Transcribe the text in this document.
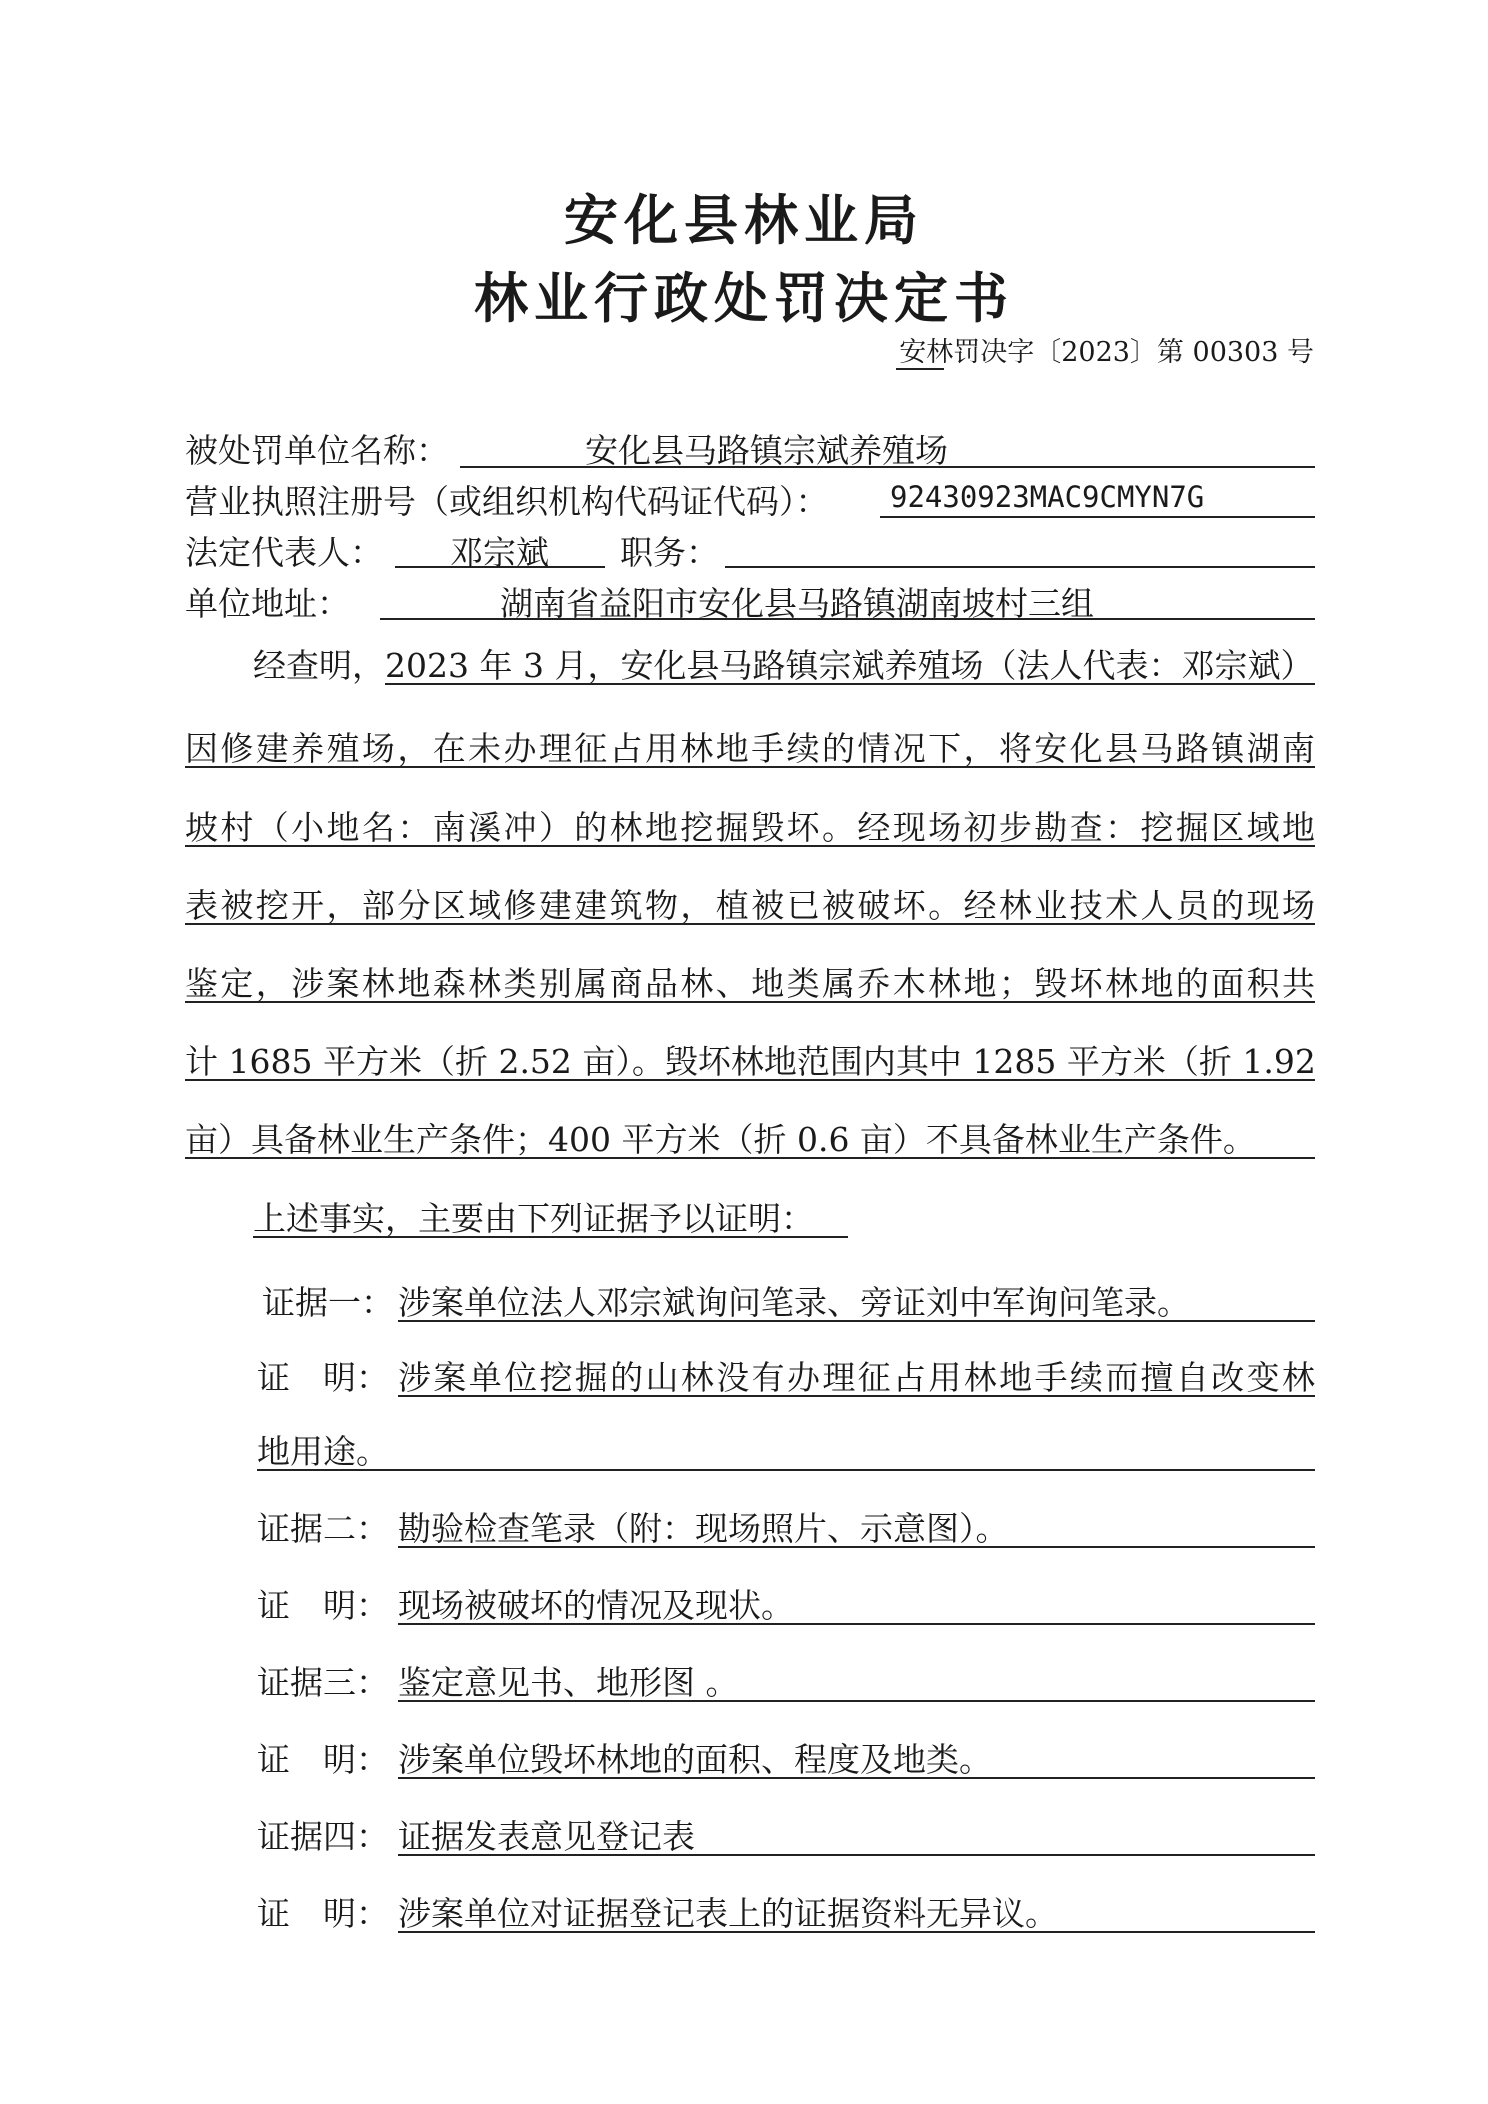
安化县林业局
林业行政处罚决定书
安林罚决字〔2023〕第 00303 号
被处罚单位名称：	安化县马路镇宗斌养殖场
营业执照注册号（或组织机构代码证代码）： 92430923MAC9CMYN7G
法定代表人： 邓宗斌 职务：
单位地址：	湖南省益阳市安化县马路镇湖南坡村三组
经查明，2023 年 3 月，安化县马路镇宗斌养殖场（法人代表：邓宗斌）
因修建养殖场，在未办理征占用林地手续的情况下，将安化县马路镇湖南
坡村（小地名：南溪冲）的林地挖掘毁坏。经现场初步勘查：挖掘区域地
表被挖开，部分区域修建建筑物，植被已被破坏。经林业技术人员的现场
鉴定，涉案林地森林类别属商品林、地类属乔木林地；毁坏林地的面积共
计 1685 平方米（折 2.52 亩）。毁坏林地范围内其中 1285 平方米（折 1.92
亩）具备林业生产条件；400 平方米（折 0.6 亩）不具备林业生产条件。
上述事实，主要由下列证据予以证明：
证据一： 涉案单位法人邓宗斌询问笔录、旁证刘中军询问笔录。
证　明： 涉案单位挖掘的山林没有办理征占用林地手续而擅自改变林
地用途。
证据二： 勘验检查笔录（附：现场照片、示意图）。
证　明： 现场被破坏的情况及现状。
证据三： 鉴定意见书、地形图 。
证　明： 涉案单位毁坏林地的面积、程度及地类。
证据四： 证据发表意见登记表
证　明： 涉案单位对证据登记表上的证据资料无异议。
